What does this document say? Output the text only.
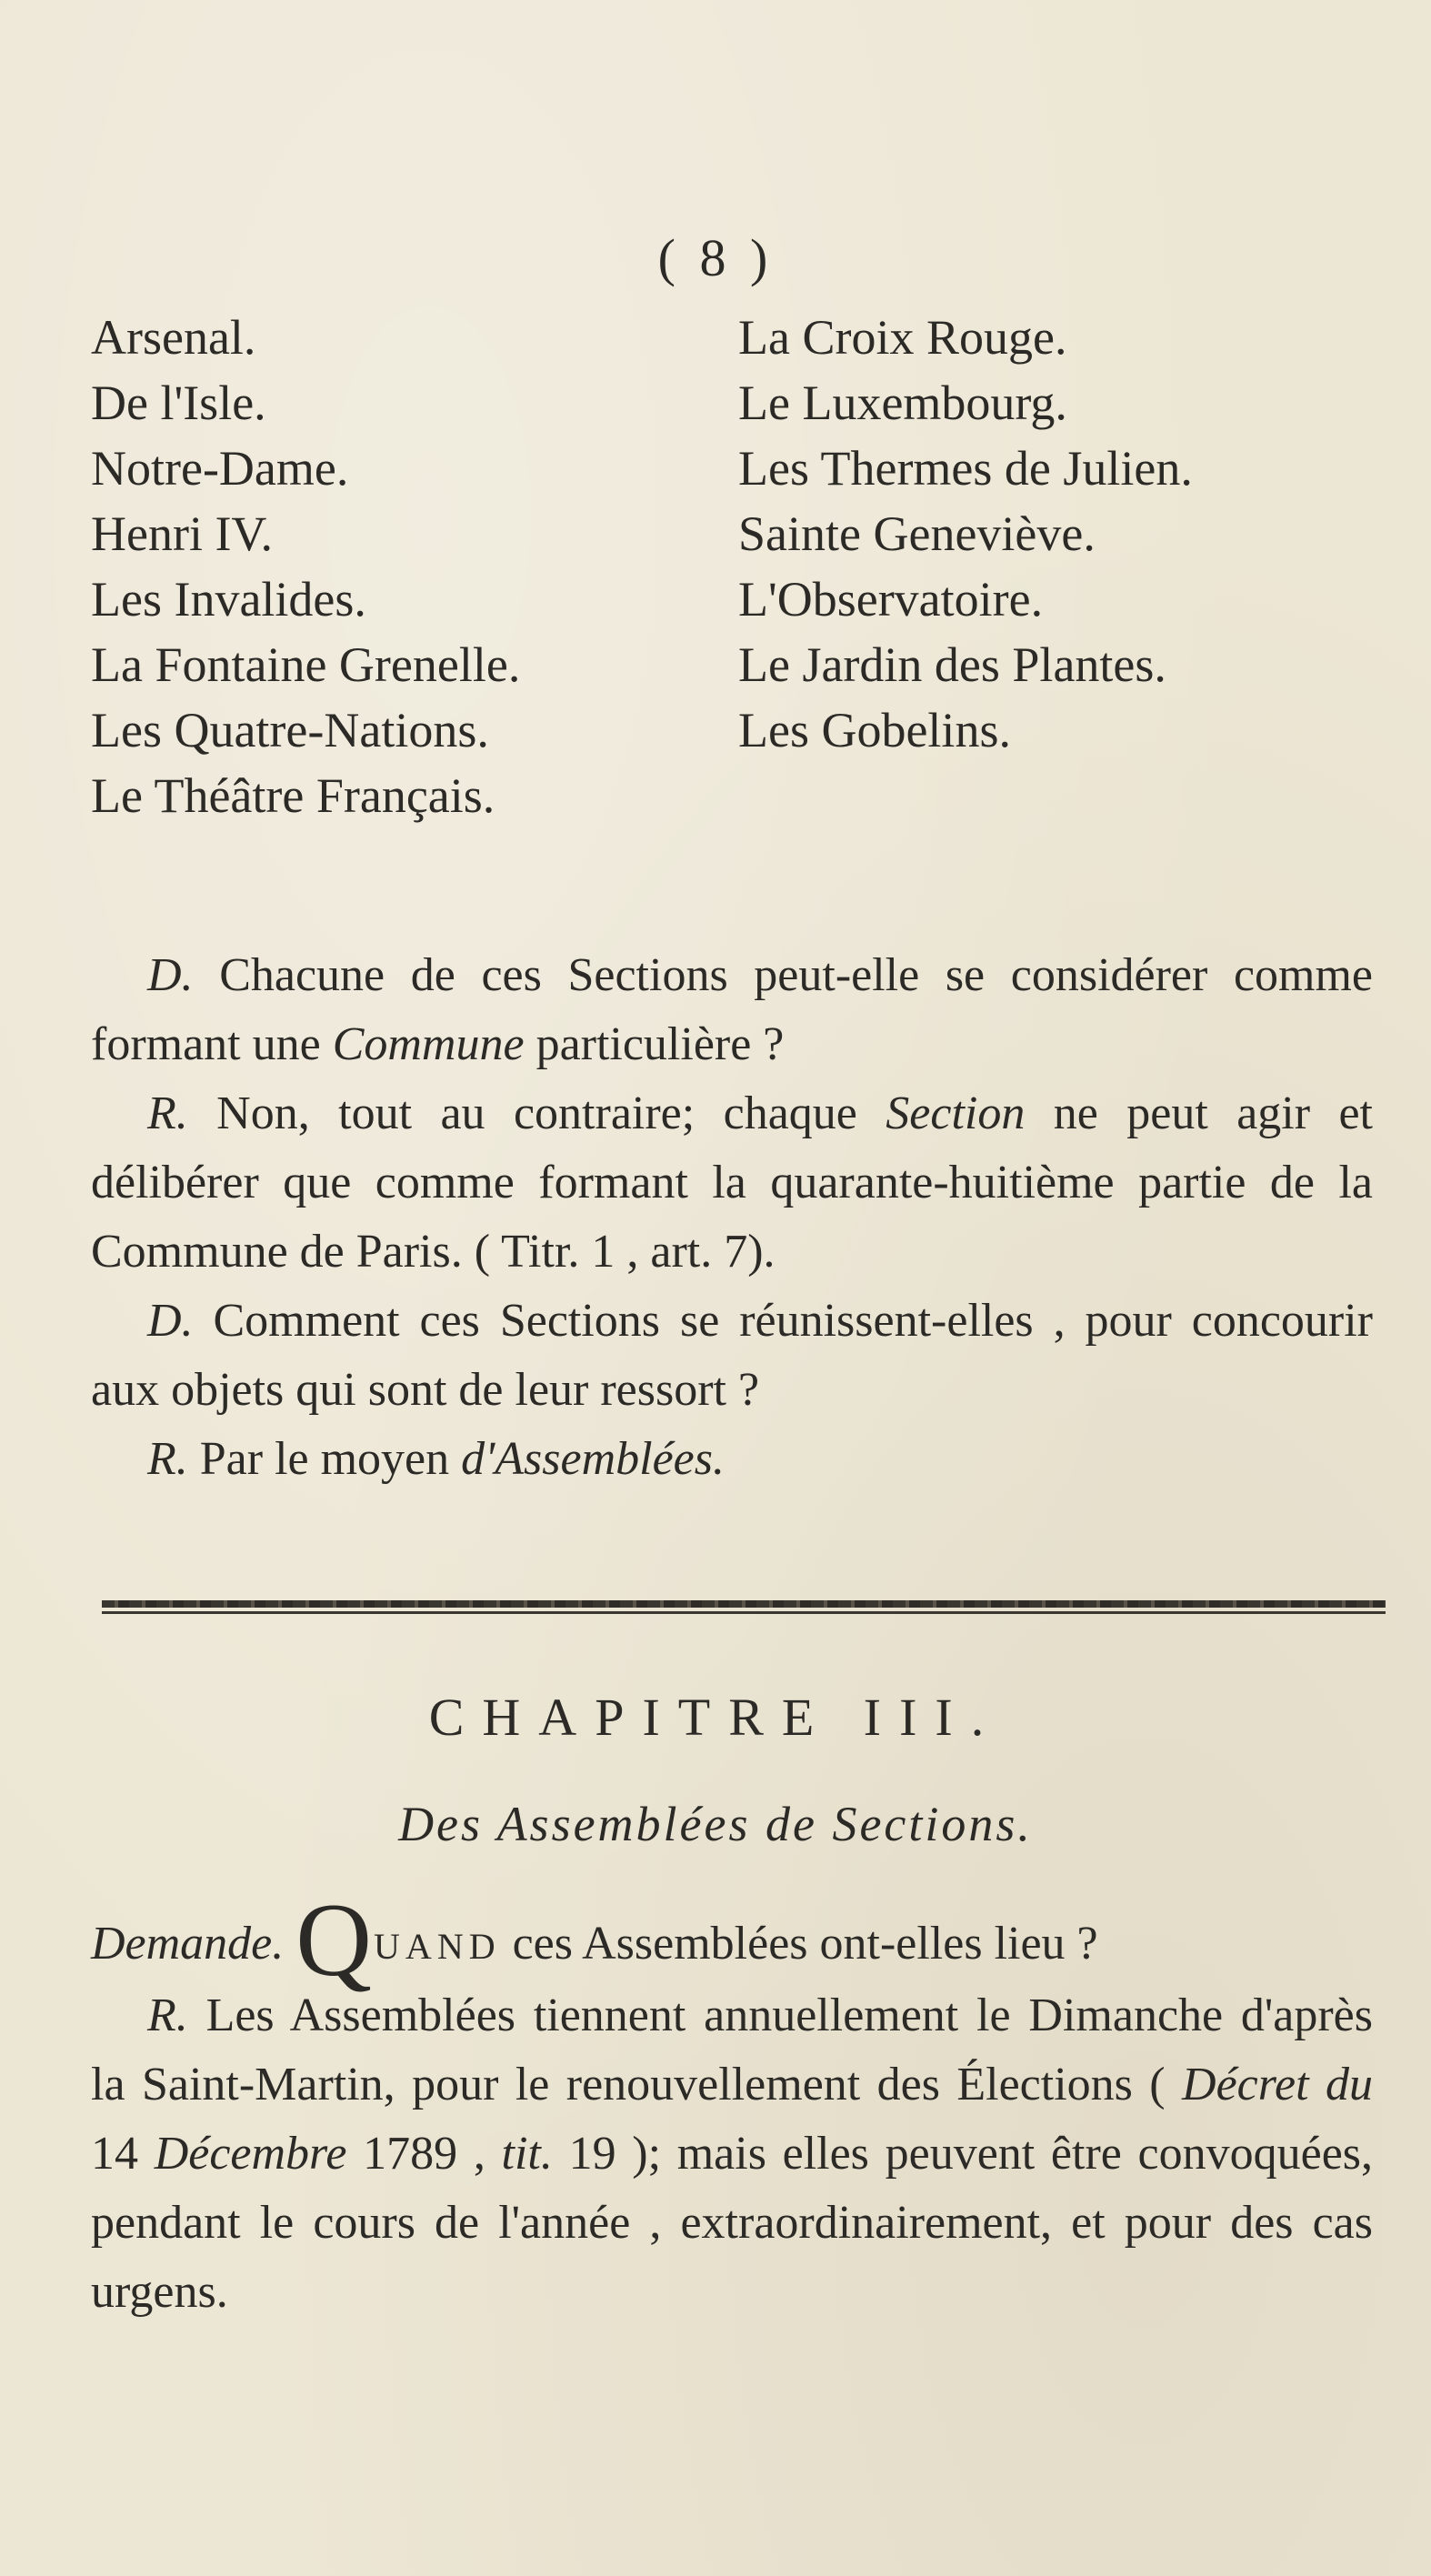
( 8 )
Arsenal.
De l'Isle.
Notre-Dame.
Henri IV.
Les Invalides.
La Fontaine Grenelle.
Les Quatre-Nations.
Le Théâtre Français.
La Croix Rouge.
Le Luxembourg.
Les Thermes de Julien.
Sainte Geneviève.
L'Observatoire.
Le Jardin des Plantes.
Les Gobelins.

D. Chacune de ces Sections peut-elle se considérer comme formant une Commune particulière ?

R. Non, tout au contraire; chaque Section ne peut agir et délibérer que comme formant la quarante-huitième partie de la Commune de Paris. ( Titr. 1 , art. 7).

D. Comment ces Sections se réunissent-elles , pour concourir aux objets qui sont de leur ressort ?

R. Par le moyen d'Assemblées.

CHAPITRE III.
Des Assemblées de Sections.

Demande. QUAND ces Assemblées ont-elles lieu ?

R. Les Assemblées tiennent annuellement le Dimanche d'après la Saint-Martin, pour le renouvellement des Élections ( Décret du 14 Décembre 1789 , tit. 19 ); mais elles peuvent être convoquées, pendant le cours de l'année , extraordinairement, et pour des cas urgens.
